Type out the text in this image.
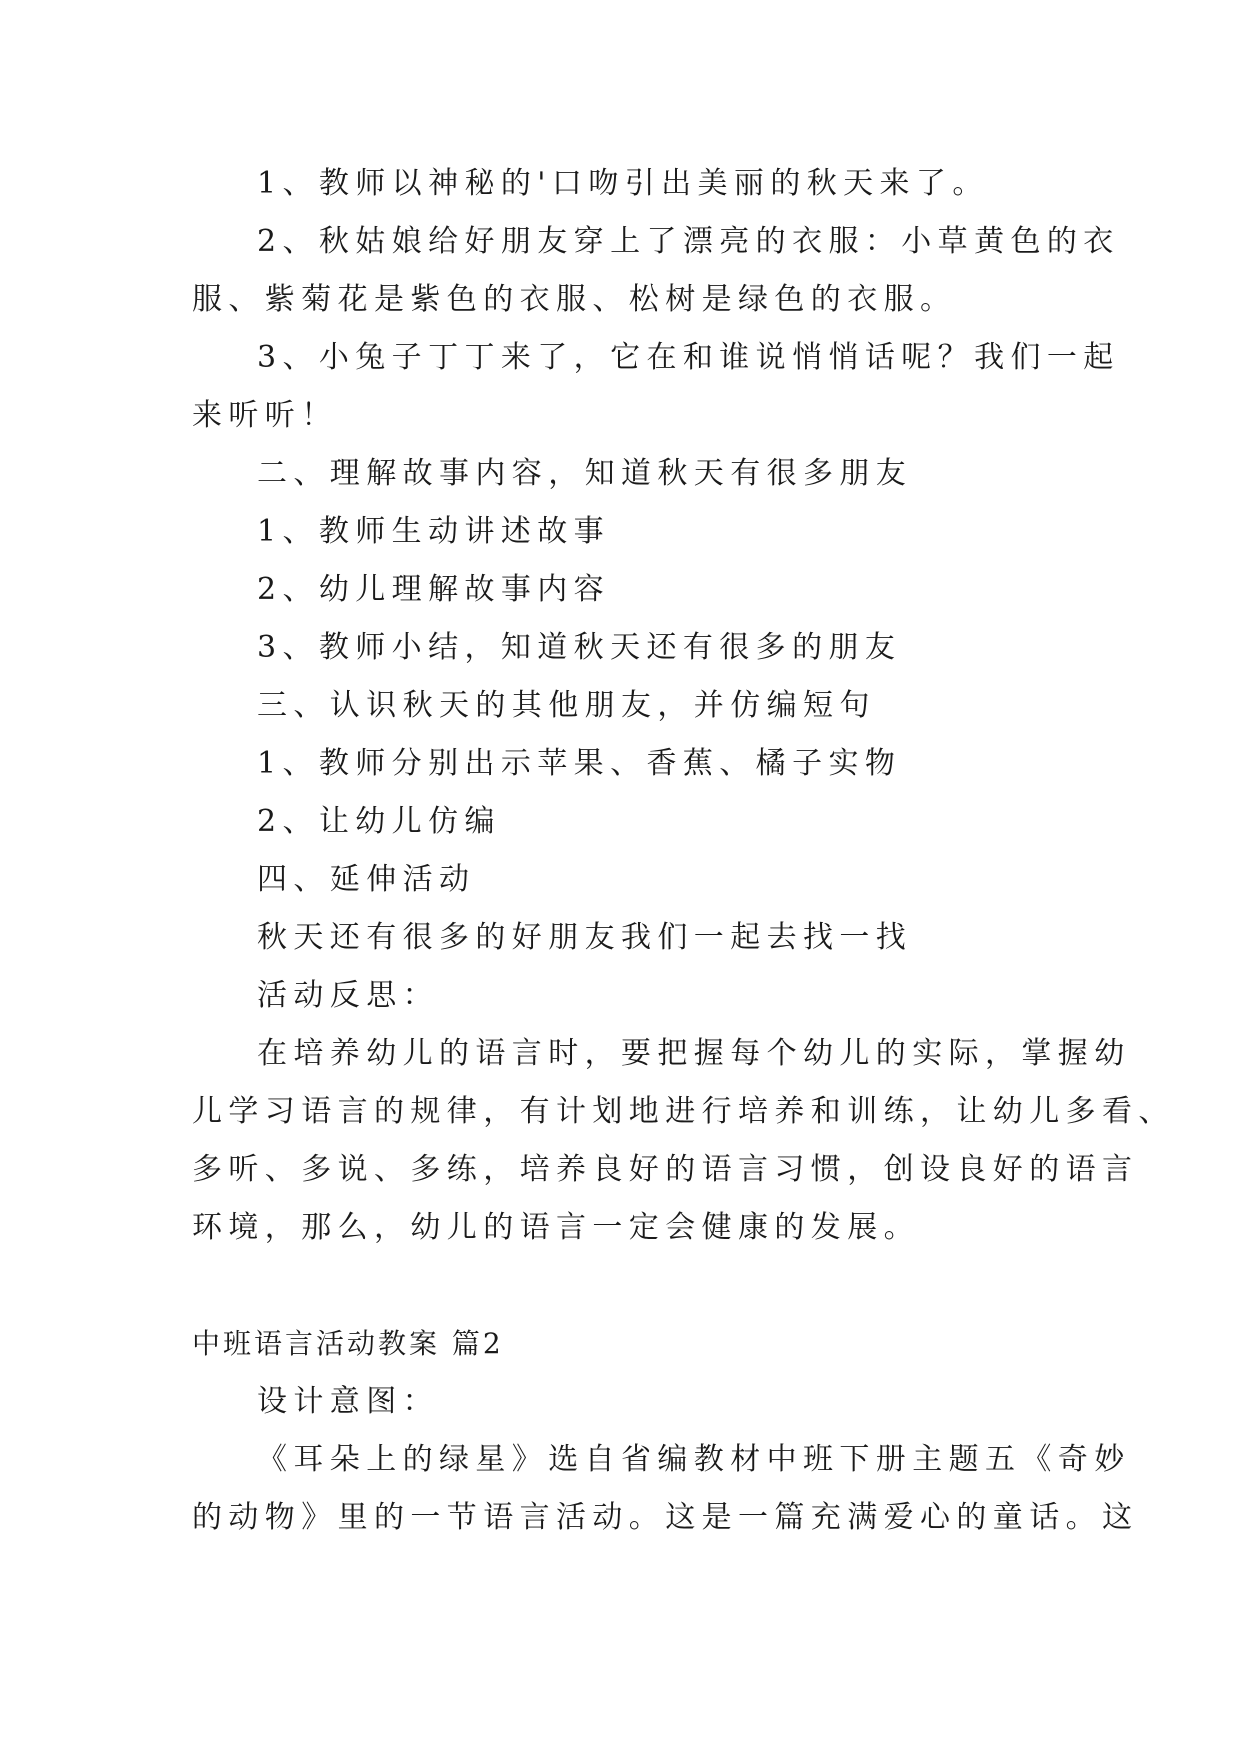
1、教师以神秘的'口吻引出美丽的秋天来了。
2、秋姑娘给好朋友穿上了漂亮的衣服：小草黄色的衣
服、紫菊花是紫色的衣服、松树是绿色的衣服。
3、小兔子丁丁来了，它在和谁说悄悄话呢？我们一起
来听听！
二、理解故事内容，知道秋天有很多朋友
1、教师生动讲述故事
2、幼儿理解故事内容
3、教师小结，知道秋天还有很多的朋友
三、认识秋天的其他朋友，并仿编短句
1、教师分别出示苹果、香蕉、橘子实物
2、让幼儿仿编
四、延伸活动
秋天还有很多的好朋友我们一起去找一找
活动反思：
在培养幼儿的语言时，要把握每个幼儿的实际，掌握幼
儿学习语言的规律，有计划地进行培养和训练，让幼儿多看、
多听、多说、多练，培养良好的语言习惯，创设良好的语言
环境，那么，幼儿的语言一定会健康的发展。
中班语言活动教案 篇2
设计意图：
《耳朵上的绿星》选自省编教材中班下册主题五《奇妙
的动物》里的一节语言活动。这是一篇充满爱心的童话。这
